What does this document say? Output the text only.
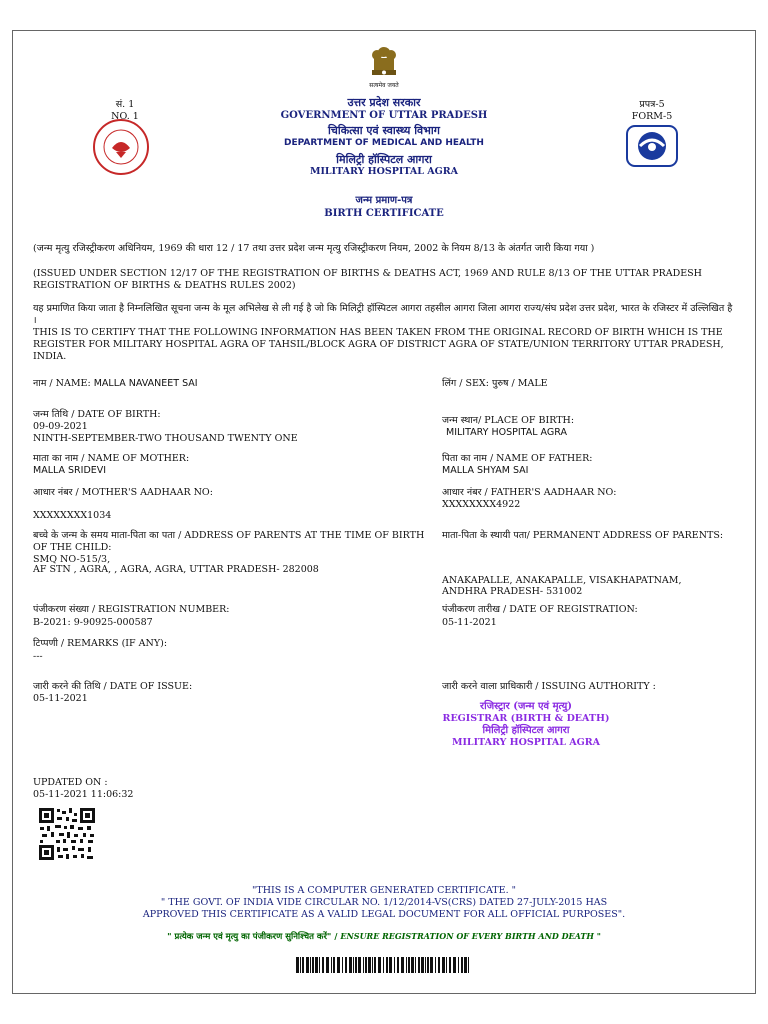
सत्यमेव जयते
सं. 1
NO. 1
प्रपत्र-5
FORM-5
उत्तर प्रदेश सरकार
GOVERNMENT OF UTTAR PRADESH
चिकित्सा एवं स्वास्थ्य विभाग
DEPARTMENT OF MEDICAL AND HEALTH
मिलिट्री हॉस्पिटल आगरा
MILITARY HOSPITAL AGRA
जन्म प्रमाण-पत्र
BIRTH CERTIFICATE
(जन्म मृत्यु रजिस्ट्रीकरण अधिनियम, 1969 की धारा 12 / 17 तथा उत्तर प्रदेश जन्म मृत्यु रजिस्ट्रीकरण नियम, 2002 के नियम 8/13 के अंतर्गत जारी किया गया )
(ISSUED UNDER SECTION 12/17 OF THE REGISTRATION OF BIRTHS & DEATHS ACT, 1969 AND RULE 8/13 OF THE UTTAR PRADESH REGISTRATION OF BIRTHS & DEATHS RULES 2002)
यह प्रमाणित किया जाता है निम्नलिखित सूचना जन्म के मूल अभिलेख से ली गई है जो कि मिलिट्री हॉस्पिटल आगरा तहसील आगरा जिला आगरा राज्य/संघ प्रदेश उत्तर प्रदेश, भारत के रजिस्टर में उल्लिखित है ।
THIS IS TO CERTIFY THAT THE FOLLOWING INFORMATION HAS BEEN TAKEN FROM THE ORIGINAL RECORD OF BIRTH WHICH IS THE REGISTER FOR MILITARY HOSPITAL AGRA OF TAHSIL/BLOCK AGRA OF DISTRICT AGRA OF STATE/UNION TERRITORY UTTAR PRADESH, INDIA.
नाम / NAME: MALLA NAVANEET SAI	लिंग / SEX: पुरुष / MALE
जन्म तिथि / DATE OF BIRTH:
09-09-2021
NINTH-SEPTEMBER-TWO THOUSAND TWENTY ONE
जन्म स्थान/ PLACE OF BIRTH:
MILITARY HOSPITAL AGRA
माता का नाम / NAME OF MOTHER:
MALLA SRIDEVI
पिता का नाम / NAME OF FATHER:
MALLA SHYAM SAI
आधार नंबर / MOTHER'S AADHAAR NO:
XXXXXXXX1034
आधार नंबर / FATHER'S AADHAAR NO:
XXXXXXXX4922
बच्चे के जन्म के समय माता-पिता का पता / ADDRESS OF PARENTS AT THE TIME OF BIRTH OF THE CHILD:
SMQ NO-515/3,
AF STN , AGRA, , AGRA, AGRA, UTTAR PRADESH- 282008
माता-पिता के स्थायी पता/ PERMANENT ADDRESS OF PARENTS:
ANAKAPALLE, ANAKAPALLE, VISAKHAPATNAM,
ANDHRA PRADESH- 531002
पंजीकरण संख्या / REGISTRATION NUMBER:
B-2021: 9-90925-000587
पंजीकरण तारीख / DATE OF REGISTRATION:
05-11-2021
टिप्पणी / REMARKS (IF ANY):
---
जारी करने की तिथि / DATE OF ISSUE:
05-11-2021
जारी करने वाला प्राधिकारी / ISSUING AUTHORITY :
रजिस्ट्रार (जन्म एवं मृत्यु)
REGISTRAR (BIRTH & DEATH)
मिलिट्री हॉस्पिटल आगरा
MILITARY HOSPITAL AGRA
UPDATED ON :
05-11-2021 11:06:32
"THIS IS A COMPUTER GENERATED CERTIFICATE. "
" THE GOVT. OF INDIA VIDE CIRCULAR NO. 1/12/2014-VS(CRS) DATED 27-JULY-2015 HAS
APPROVED THIS CERTIFICATE AS A VALID LEGAL DOCUMENT FOR ALL OFFICIAL PURPOSES".
" प्रत्येक जन्म एवं मृत्यु का पंजीकरण सुनिश्चित करें" / ENSURE REGISTRATION OF EVERY BIRTH AND DEATH "
